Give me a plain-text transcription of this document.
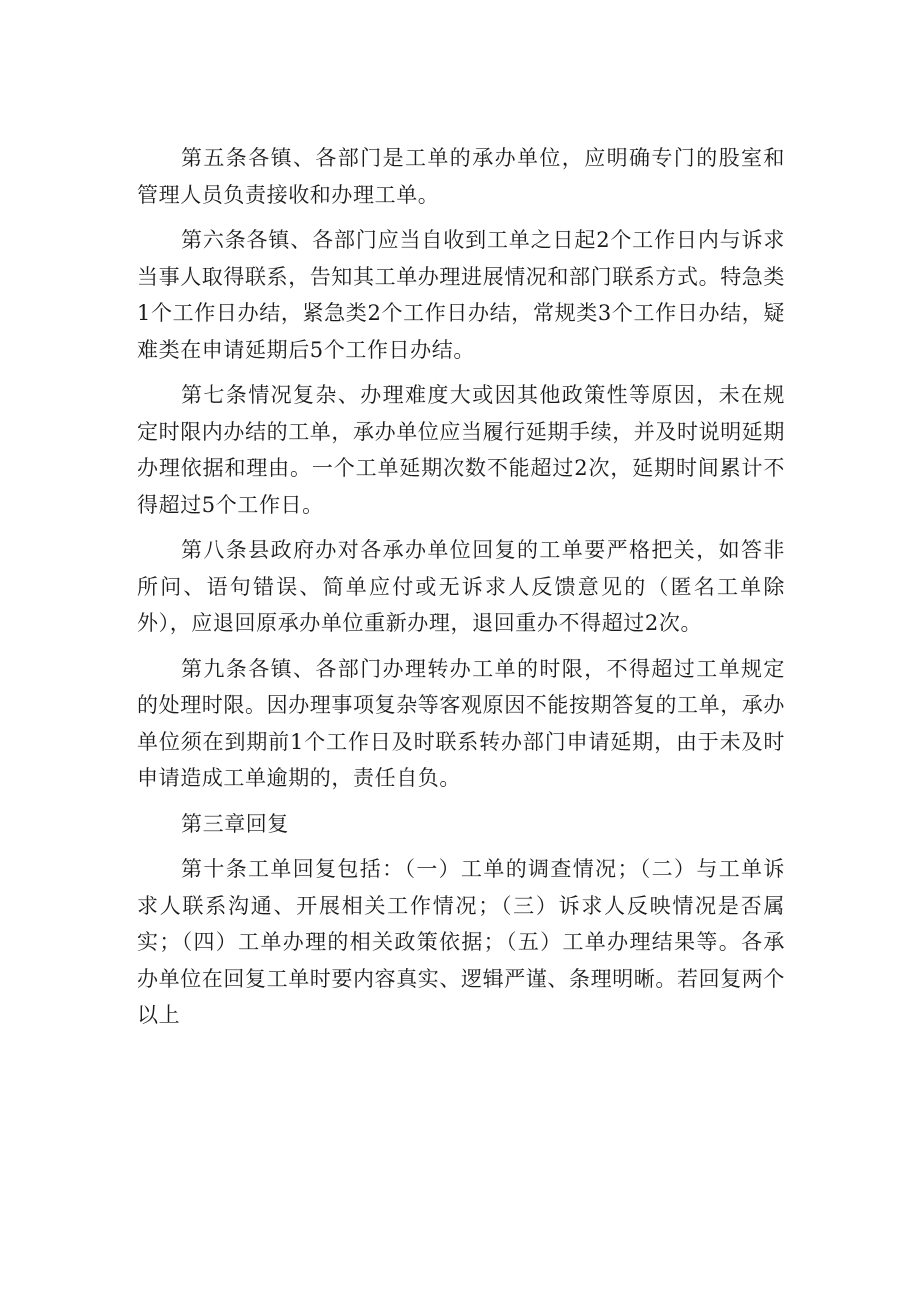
第五条各镇、各部门是工单的承办单位，应明确专门的股室和管理人员负责接收和办理工单。

第六条各镇、各部门应当自收到工单之日起2个工作日内与诉求当事人取得联系，告知其工单办理进展情况和部门联系方式。特急类1个工作日办结，紧急类2个工作日办结，常规类3个工作日办结，疑难类在申请延期后5个工作日办结。

第七条情况复杂、办理难度大或因其他政策性等原因，未在规定时限内办结的工单，承办单位应当履行延期手续，并及时说明延期办理依据和理由。一个工单延期次数不能超过2次，延期时间累计不得超过5个工作日。

第八条县政府办对各承办单位回复的工单要严格把关，如答非所问、语句错误、简单应付或无诉求人反馈意见的（匿名工单除外），应退回原承办单位重新办理，退回重办不得超过2次。

第九条各镇、各部门办理转办工单的时限，不得超过工单规定的处理时限。因办理事项复杂等客观原因不能按期答复的工单，承办单位须在到期前1个工作日及时联系转办部门申请延期，由于未及时申请造成工单逾期的，责任自负。

第三章回复

第十条工单回复包括：（一）工单的调查情况；（二）与工单诉求人联系沟通、开展相关工作情况；（三）诉求人反映情况是否属实；（四）工单办理的相关政策依据；（五）工单办理结果等。各承办单位在回复工单时要内容真实、逻辑严谨、条理明晰。若回复两个以上
